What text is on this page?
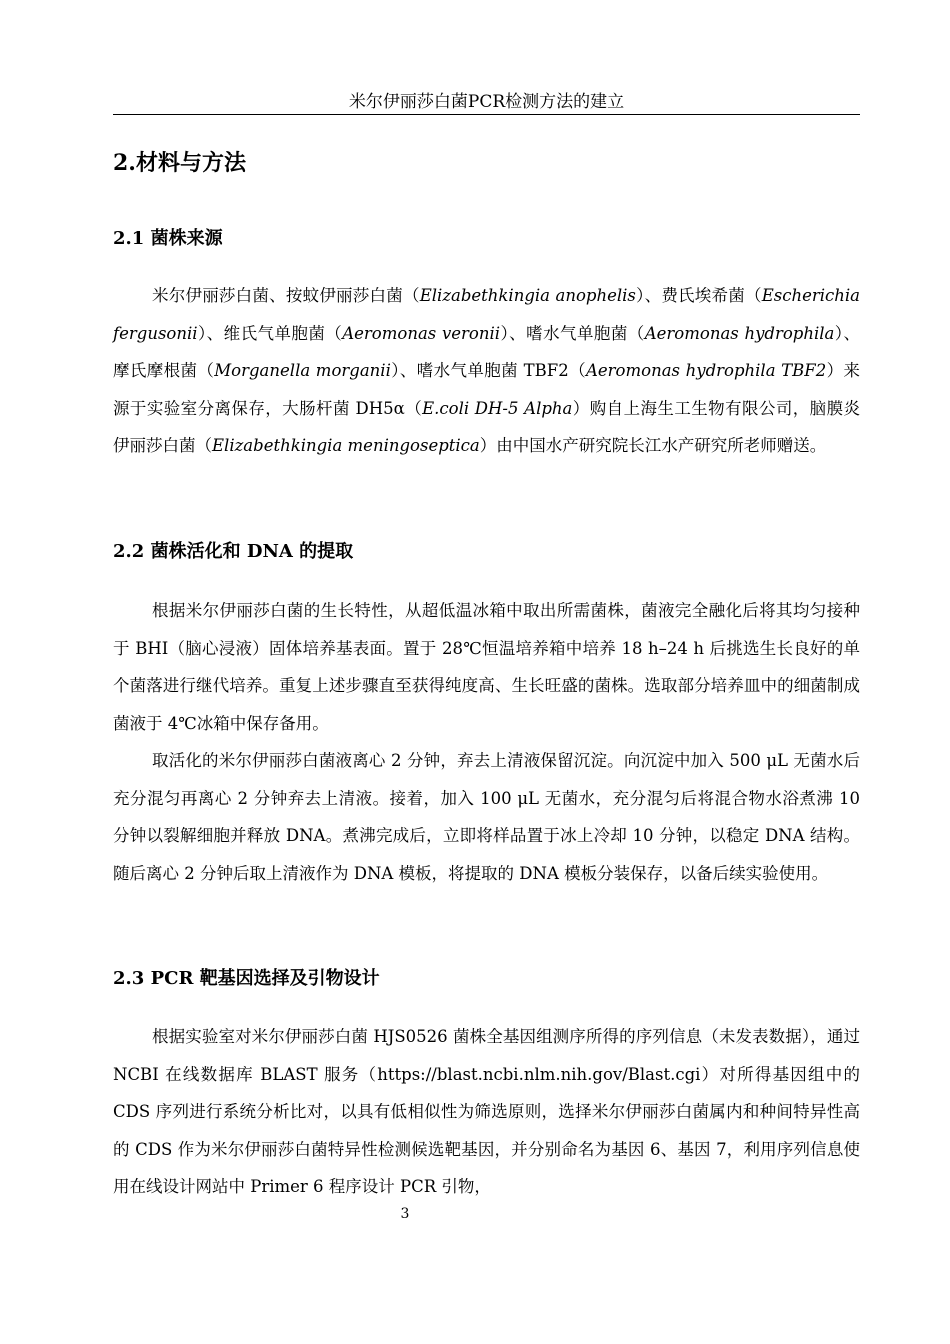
米尔伊丽莎白菌PCR检测方法的建立
2.材料与方法
2.1 菌株来源

米尔伊丽莎白菌、按蚊伊丽莎白菌（Elizabethkingia anophelis）、费氏埃希菌（Escherichia fergusonii）、维氏气单胞菌（Aeromonas veronii）、嗜水气单胞菌（Aeromonas hydrophila）、摩氏摩根菌（Morganella morganii）、嗜水气单胞菌 TBF2（Aeromonas hydrophila TBF2）来源于实验室分离保存，大肠杆菌 DH5α（E.coli DH-5 Alpha）购自上海生工生物有限公司，脑膜炎伊丽莎白菌（Elizabethkingia meningoseptica）由中国水产研究院长江水产研究所老师赠送。

2.2 菌株活化和 DNA 的提取

根据米尔伊丽莎白菌的生长特性，从超低温冰箱中取出所需菌株，菌液完全融化后将其均匀接种于 BHI（脑心浸液）固体培养基表面。置于 28℃恒温培养箱中培养 18 h–24 h 后挑选生长良好的单个菌落进行继代培养。重复上述步骤直至获得纯度高、生长旺盛的菌株。选取部分培养皿中的细菌制成菌液于 4℃冰箱中保存备用。

取活化的米尔伊丽莎白菌液离心 2 分钟，弃去上清液保留沉淀。向沉淀中加入 500 μL 无菌水后充分混匀再离心 2 分钟弃去上清液。接着，加入 100 μL 无菌水，充分混匀后将混合物水浴煮沸 10 分钟以裂解细胞并释放 DNA。煮沸完成后，立即将样品置于冰上冷却 10 分钟，以稳定 DNA 结构。随后离心 2 分钟后取上清液作为 DNA 模板，将提取的 DNA 模板分装保存，以备后续实验使用。

2.3 PCR 靶基因选择及引物设计

根据实验室对米尔伊丽莎白菌 HJS0526 菌株全基因组测序所得的序列信息（未发表数据），通过 NCBI 在线数据库 BLAST 服务（https://blast.ncbi.nlm.nih.gov/Blast.cgi）对所得基因组中的 CDS 序列进行系统分析比对，以具有低相似性为筛选原则，选择米尔伊丽莎白菌属内和种间特异性高的 CDS 作为米尔伊丽莎白菌特异性检测候选靶基因，并分别命名为基因 6、基因 7，利用序列信息使用在线设计网站中 Primer 6 程序设计 PCR 引物，

3
